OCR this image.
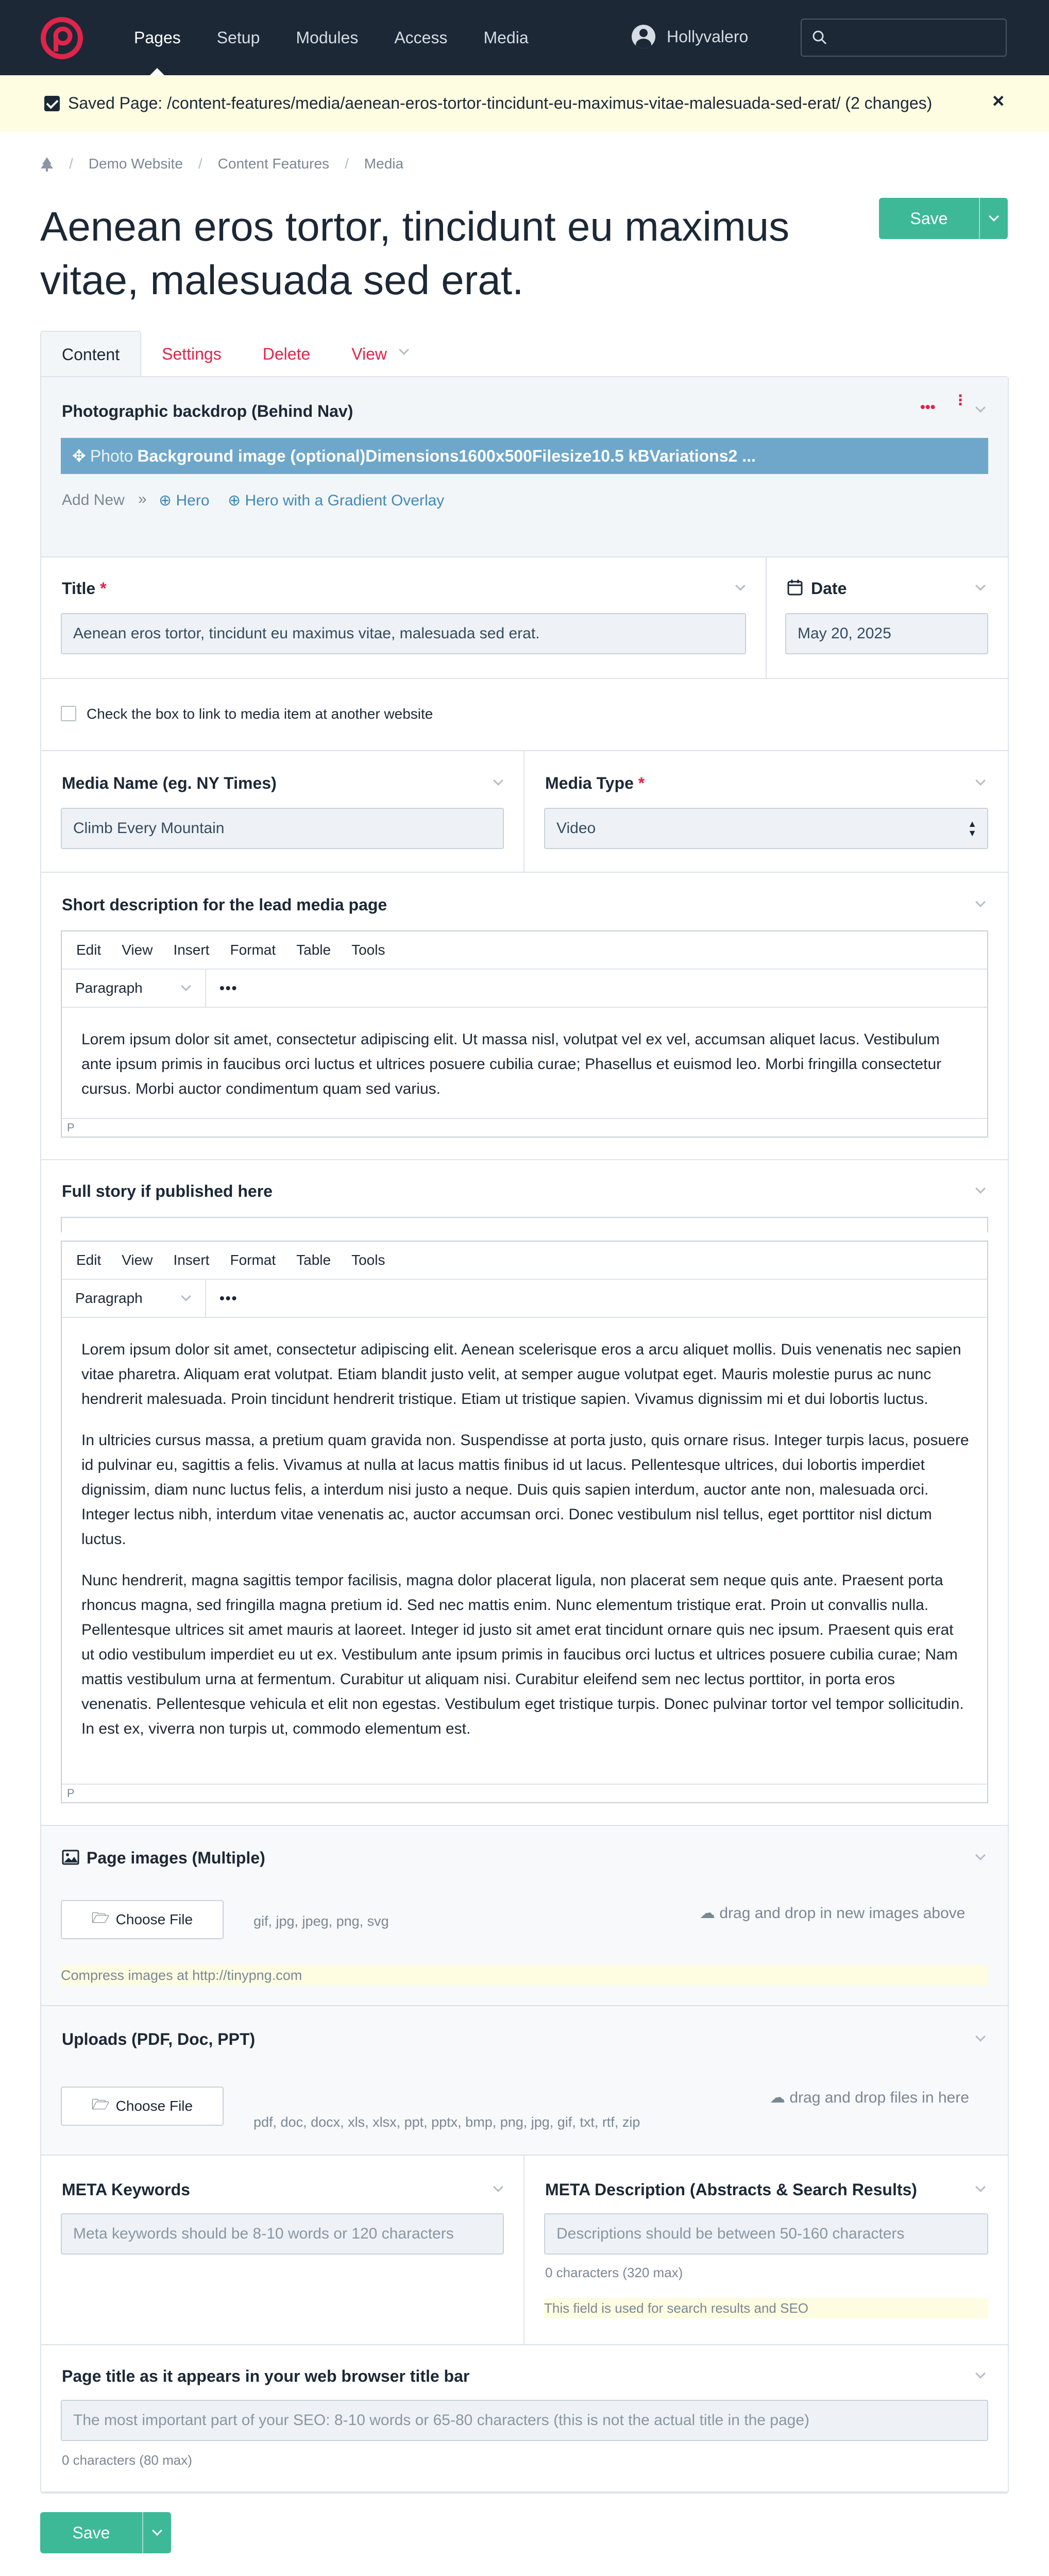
Pages Setup Modules Access Media	Hollyvalero
Saved Page: /content-features/media/aenean-eros-tortor-tincidunt-eu-maximus-vitae-malesuada-sed-erat/ (2 changes)	×
/ Demo Website / Content Features / Media
Aenean eros tortor, tincidunt eu maximus vitae, malesuada sed erat.
Save
Content	Settings	Delete	View
Photographic backdrop (Behind Nav)	••• ⋮
Add New » ⊕ Hero ⊕ Hero with a Gradient Overlay
✥ Photo Background image (optional)Dimensions1600x500Filesize10.5 kBVariations2 ...
Title *
Aenean eros tortor, tincidunt eu maximus vitae, malesuada sed erat.
Date
May 20, 2025
Check the box to link to media item at another website
Media Name (eg. NY Times)
Climb Every Mountain
Media Type *
Video	▲
▼
Short description for the lead media page
Edit View Insert Format Table Tools
Paragraph	•••
Lorem ipsum dolor sit amet, consectetur adipiscing elit. Ut massa nisl, volutpat vel ex vel, accumsan aliquet lacus. Vestibulum ante ipsum primis in faucibus orci luctus et ultrices posuere cubilia curae; Phasellus et euismod leo. Morbi fringilla consectetur cursus. Morbi auctor condimentum quam sed varius.
P
Full story if published here
Edit View Insert Format Table Tools
Paragraph	•••

Lorem ipsum dolor sit amet, consectetur adipiscing elit. Aenean scelerisque eros a arcu aliquet mollis. Duis venenatis nec sapien vitae pharetra. Aliquam erat volutpat. Etiam blandit justo velit, at semper augue volutpat eget. Mauris molestie purus ac nunc hendrerit malesuada. Proin tincidunt hendrerit tristique. Etiam ut tristique sapien. Vivamus dignissim mi et dui lobortis luctus.

In ultricies cursus massa, a pretium quam gravida non. Suspendisse at porta justo, quis ornare risus. Integer turpis lacus, posuere id pulvinar eu, sagittis a felis. Vivamus at nulla at lacus mattis finibus id ut lacus. Pellentesque ultrices, dui lobortis imperdiet dignissim, diam nunc luctus felis, a interdum nisi justo a neque. Duis quis sapien interdum, auctor ante non, malesuada orci. Integer lectus nibh, interdum vitae venenatis ac, auctor accumsan orci. Donec vestibulum nisl tellus, eget porttitor nisl dictum luctus.

Nunc hendrerit, magna sagittis tempor facilisis, magna dolor placerat ligula, non placerat sem neque quis ante. Praesent porta rhoncus magna, sed fringilla magna pretium id. Sed nec mattis enim. Nunc elementum tristique erat. Proin ut convallis nulla. Pellentesque ultrices sit amet mauris at laoreet. Integer id justo sit amet erat tincidunt ornare quis nec ipsum. Praesent quis erat ut odio vestibulum imperdiet eu ut ex. Vestibulum ante ipsum primis in faucibus orci luctus et ultrices posuere cubilia curae; Nam mattis vestibulum urna at fermentum. Curabitur ut aliquam nisi. Curabitur eleifend sem nec lectus porttitor, in porta eros venenatis. Pellentesque vehicula et elit non egestas. Vestibulum eget tristique turpis. Donec pulvinar tortor vel tempor sollicitudin. In est ex, viverra non turpis ut, commodo elementum est.

P
Page images (Multiple)
🗁 Choose File	gif, jpg, jpeg, png, svg	☁ drag and drop in new images above
Compress images at http://tinypng.com
Uploads (PDF, Doc, PPT)
🗁 Choose File
pdf, doc, docx, xls, xlsx, ppt, pptx, bmp, png, jpg, gif, txt, rtf, zip
☁ drag and drop files in here
META Keywords
Meta keywords should be 8-10 words or 120 characters
META Description (Abstracts & Search Results)
Descriptions should be between 50-160 characters
0 characters (320 max)
This field is used for search results and SEO
Page title as it appears in your web browser title bar
The most important part of your SEO: 8-10 words or 65-80 characters (this is not the actual title in the page)
0 characters (80 max)
Save
